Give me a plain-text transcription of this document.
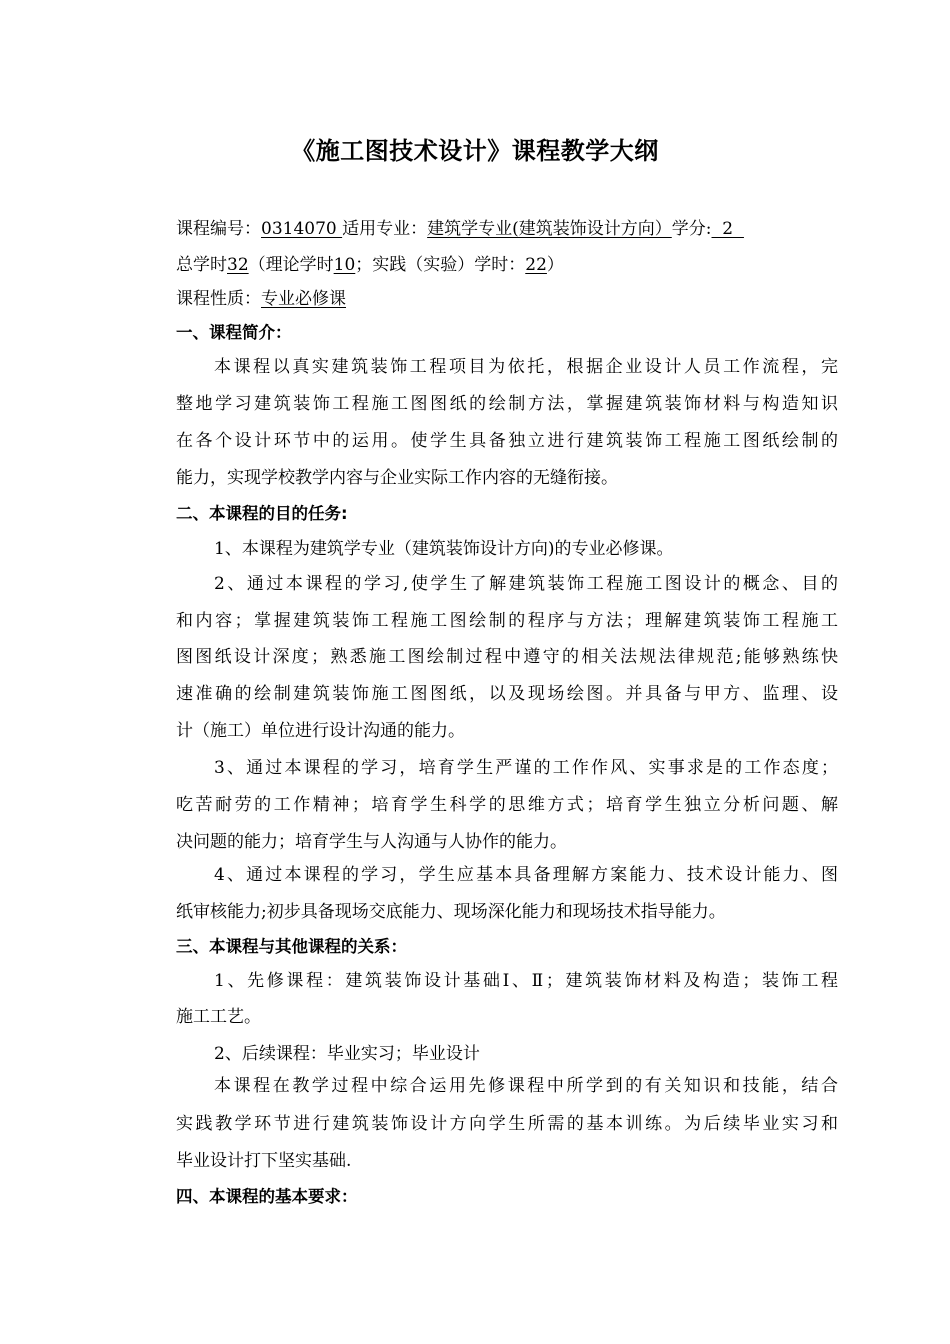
《施工图技术设计》课程教学大纲
课程编号：0314070 适用专业：建筑学专业(建筑装饰设计方向）学分:  2
总学时32（理论学时10；实践（实验）学时：22）
课程性质：专业必修课
一、课程简介：
本课程以真实建筑装饰工程项目为依托，根据企业设计人员工作流程，完
整地学习建筑装饰工程施工图图纸的绘制方法，掌握建筑装饰材料与构造知识
在各个设计环节中的运用。使学生具备独立进行建筑装饰工程施工图纸绘制的
能力，实现学校教学内容与企业实际工作内容的无缝衔接。
二、本课程的目的任务:
1、本课程为建筑学专业（建筑装饰设计方向)的专业必修课。
2、通过本课程的学习,使学生了解建筑装饰工程施工图设计的概念、目的
和内容；掌握建筑装饰工程施工图绘制的程序与方法；理解建筑装饰工程施工
图图纸设计深度；熟悉施工图绘制过程中遵守的相关法规法律规范;能够熟练快
速准确的绘制建筑装饰施工图图纸，以及现场绘图。并具备与甲方、监理、设
计（施工）单位进行设计沟通的能力。
3、通过本课程的学习，培育学生严谨的工作作风、实事求是的工作态度；
吃苦耐劳的工作精神；培育学生科学的思维方式；培育学生独立分析问题、解
决问题的能力；培育学生与人沟通与人协作的能力。
4、通过本课程的学习，学生应基本具备理解方案能力、技术设计能力、图
纸审核能力;初步具备现场交底能力、现场深化能力和现场技术指导能力。
三、本课程与其他课程的关系：
1、先修课程：建筑装饰设计基础Ⅰ、Ⅱ；建筑装饰材料及构造；装饰工程
施工工艺。
2、后续课程：毕业实习；毕业设计
本课程在教学过程中综合运用先修课程中所学到的有关知识和技能，结合
实践教学环节进行建筑装饰设计方向学生所需的基本训练。为后续毕业实习和
毕业设计打下坚实基础.
四、本课程的基本要求：
